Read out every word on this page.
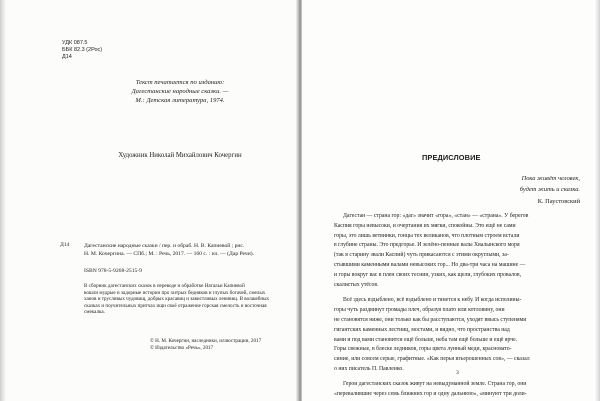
УДК 087.5
ББК 82.3 (2Рос)
Д14
Текст печатается по изданию:
Дагестанские народные сказки. —
М.: Детская литература, 1974.
Художник Николай Михайлович Кочергин
Д14	Дагестанские народные сказки / пер. и обраб. Н. В. Капиевой ; рис.
Н. М. Кочергина. — СПб.; М. : Речь, 2017. — 160 с. : ил. — (Дар Речи).
ISBN 978-5-9268-2515-9
В сборник дагестанских сказок в переводе и обработке Натальи Капиевой
вошли мудрые и задорные истории про хитрых бедняков и глупых богачей, смелых
ханов и трусливых чудовищ, добрых красавиц и завистливых ленивиц. В волшебных
сказках и поучительных притчах ищи своё отражение горская смелость и восточная
смекалка.
© Н. М. Кочергин, наследники, иллюстрации, 2017
© Издательство «Речь», 2017
ПРЕДИСЛОВИЕ
Пока живёт человек,
будет жить и сказка.
К. Паустовский
Дагестан — страна гор: «даг» значит «гора», «стан» — «страна». У берегов
Каспия горы невысоки, и очертания их мягки, спокойны. Это ещё не сами
горы, это лишь ветвинки, гонцы тех великанов, что плотным строем встали
в глубине страны. Это предгорье. И зелёно-пенные валы Хвалынского моря
(так в старину звали Каспий) чуть прикасаются с этими округлыми, за-
стывшими каменными валами невысоких гор... Но два-три часа на машине —
и горы вокруг вас в плен своих теснин, узких, как щели, глубоких провалов,
скалистых утёсов.
Всё здесь вздыблено, всё вздыблено и тянется к небу. И когда исполины-
горы чуть раздвинут громады плеч, образуя плато или котловину, они
не становятся ниже, они только как бы расступаются, уходят ввысь ступенями
гигантских каменных лестниц, мостами, и видно, что пространства над
вами и под вами становится ещё больше, неба там ещё больше и ещё ярче.
Горы свежные, в блеске ледников, горы цвета лунный меди, красновато-
синие, или совсем серые, графитные. «Как перья взъерошенных сов», — сказал
о них писатель П. Павленко.
3
Герои дагестанских сказок живут на невыдуманной земле. Страна гор, они
«перевалившие через семь ближних гор и одну дальнюю», «минуют три доли-
